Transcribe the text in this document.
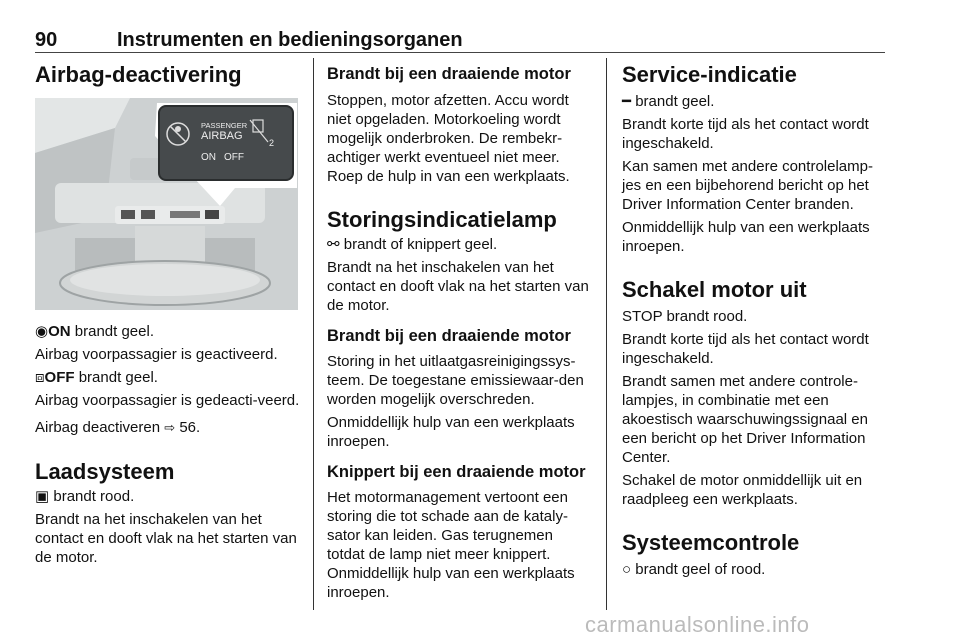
90	Instrumenten en bedieningsorganen
Airbag-deactivering
PASSENGER
AIRBAG
ON OFF
2

◉ON brandt geel.

Airbag voorpassagier is geactiveerd.

⧈OFF brandt geel.

Airbag voorpassagier is gedeacti-veerd.

Airbag deactiveren ⇨ 56.

Laadsysteem

▣ brandt rood.

Brandt na het inschakelen van het contact en dooft vlak na het starten van de motor.

Brandt bij een draaiende motor

Stoppen, motor afzetten. Accu wordt niet opgeladen. Motorkoeling wordt mogelijk onderbroken. De rembekr-achtiger werkt eventueel niet meer. Roep de hulp in van een werkplaats.

Storingsindicatielamp

⚯ brandt of knippert geel.

Brandt na het inschakelen van het contact en dooft vlak na het starten van de motor.

Brandt bij een draaiende motor

Storing in het uitlaatgasreinigingssys-teem. De toegestane emissiewaar-den worden mogelijk overschreden.

Onmiddellijk hulp van een werkplaats inroepen.

Knippert bij een draaiende motor

Het motormanagement vertoont een storing die tot schade aan de kataly-sator kan leiden. Gas terugnemen totdat de lamp niet meer knippert. Onmiddellijk hulp van een werkplaats inroepen.

Service-indicatie

━ brandt geel.

Brandt korte tijd als het contact wordt ingeschakeld.

Kan samen met andere controlelamp-jes en een bijbehorend bericht op het Driver Information Center branden.

Onmiddellijk hulp van een werkplaats inroepen.

Schakel motor uit

STOP brandt rood.

Brandt korte tijd als het contact wordt ingeschakeld.

Brandt samen met andere controle-lampjes, in combinatie met een akoestisch waarschuwingssignaal en een bericht op het Driver Information Center.

Schakel de motor onmiddellijk uit en raadpleeg een werkplaats.

Systeemcontrole

○ brandt geel of rood.

carmanualsonline.info
